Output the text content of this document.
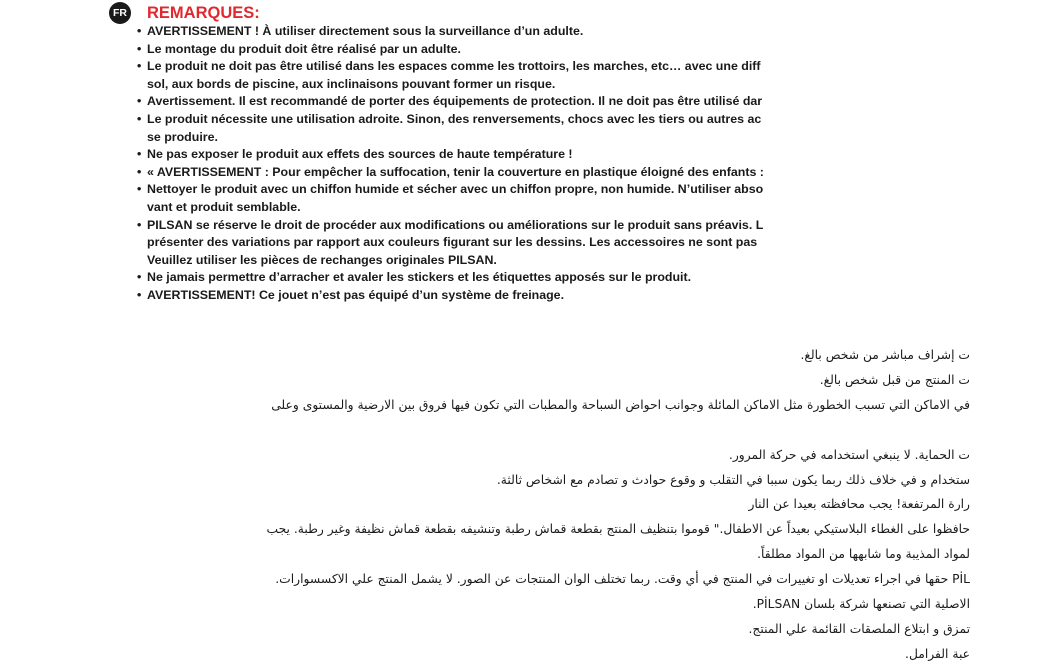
FR REMARQUES:
• AVERTISSEMENT ! À utiliser directement sous la surveillance d’un adulte.
• Le montage du produit doit être réalisé par un adulte.
• Le produit ne doit pas être utilisé dans les espaces comme les trottoirs, les marches, etc… avec une diff
sol, aux bords de piscine, aux inclinaisons pouvant former un risque.
• Avertissement. Il est recommandé de porter des équipements de protection. Il ne doit pas être utilisé dar
• Le produit nécessite une utilisation adroite. Sinon, des renversements, chocs avec les tiers ou autres ac
se produire.
• Ne pas exposer le produit aux effets des sources de haute température !
• « AVERTISSEMENT : Pour empêcher la suffocation, tenir la couverture en plastique éloigné des enfants :
• Nettoyer le produit avec un chiffon humide et sécher avec un chiffon propre, non humide. N’utiliser abso
vant et produit semblable.
• PILSAN se réserve le droit de procéder aux modifications ou améliorations sur le produit sans préavis. L
présenter des variations par rapport aux couleurs figurant sur les dessins. Les accessoires ne sont pas
Veuillez utiliser les pièces de rechanges originales PILSAN.
• Ne jamais permettre d’arracher et avaler les stickers et les étiquettes apposés sur le produit.
• AVERTISSEMENT! Ce jouet n’est pas équipé d’un système de freinage.

ت إشراف مباشر من شخص بالغ.

ت المنتج من قبل شخص بالغ.

في الاماكن التي تسبب الخطورة مثل الاماكن المائلة وجوانب احواض السباحة والمطبات التي تكون فيها فروق بين الارضية والمستوى وعلى

ت الحماية. لا ينبغي استخدامه في حركة المرور.

ستخدام و في خلاف ذلك ربما يكون سببا في التقلب و وقوع حوادث و تصادم مع اشخاص ثالثة.

رارة المرتفعة! يجب محافظته بعيدا عن النار

حافظوا على الغطاء البلاستيكي بعيداً عن الاطفال." قوموا بتنظيف المنتج بقطعة قماش رطبة وتنشيفه بقطعة قماش نظيفة وغير رطبة. يجب

لمواد المذيبة وما شابهها من المواد مطلقاً.

PİL حقها في اجراء تعديلات او تغييرات في المنتج في أي وقت. ربما تختلف الوان المنتجات عن الصور. لا يشمل المنتج علي الاكسسوارات.

الاصلية التي تصنعها شركة بلسان PİLSAN.

تمزق و ابتلاع الملصقات القائمة علي المنتج.

عبة الفرامل.
